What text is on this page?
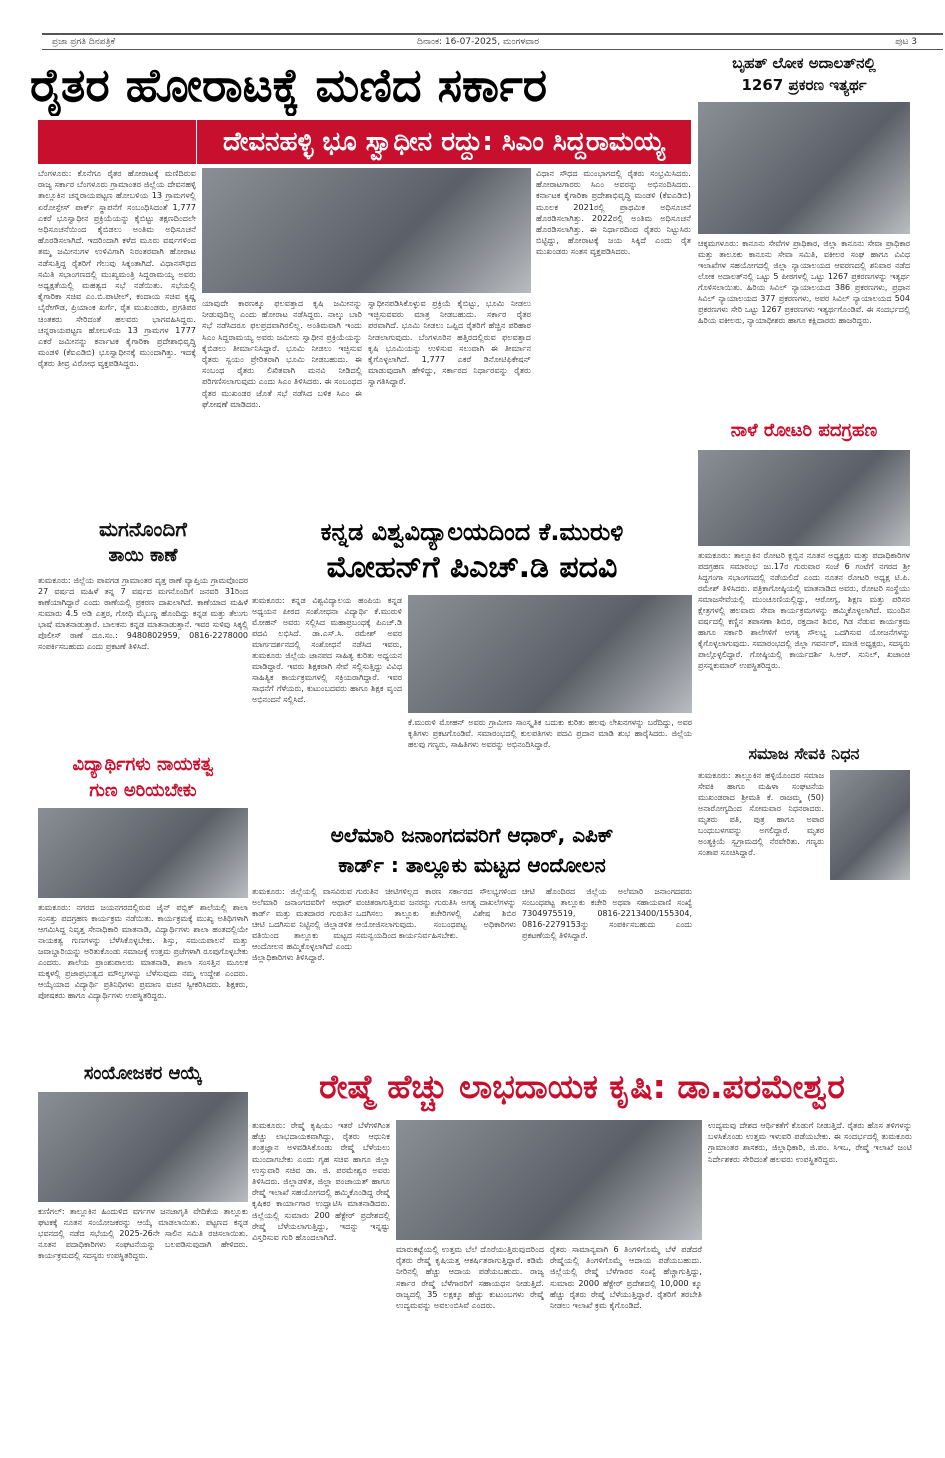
ಪ್ರಜಾ ಪ್ರಗತಿ ದಿನಪತ್ರಿಕೆ	ದಿನಾಂಕ: 16-07-2025, ಮಂಗಳವಾರ	ಪುಟ 3
ರೈತರ ಹೋರಾಟಕ್ಕೆ ಮಣಿದ ಸರ್ಕಾರ
ದೇವನಹಳ್ಳಿ ಭೂ ಸ್ವಾಧೀನ ರದ್ದು: ಸಿಎಂ ಸಿದ್ದರಾಮಯ್ಯ
ಬೆಂಗಳೂರು: ಕೊನೆಗೂ ರೈತರ ಹೋರಾಟಕ್ಕೆ ಮಣಿದಿರುವ ರಾಜ್ಯ ಸರ್ಕಾರ ಬೆಂಗಳೂರು ಗ್ರಾಮಾಂತರ ಜಿಲ್ಲೆಯ ದೇವನಹಳ್ಳಿ ತಾಲ್ಲೂಕಿನ ಚನ್ನರಾಯಪಟ್ಟಣ ಹೋಬಳಿಯ 13 ಗ್ರಾಮಗಳಲ್ಲಿ ಏರೋಸ್ಪೇಸ್ ಪಾರ್ಕ್ ಸ್ಥಾಪನೆಗೆ ಸಂಬಂಧಿಸಿದಂತೆ 1,777 ಎಕರೆ ಭೂಸ್ವಾಧೀನ ಪ್ರಕ್ರಿಯೆಯನ್ನು ಕೈಬಿಟ್ಟು ತಕ್ಷಣದಿಂದಲೇ ಅಧಿಸೂಚನೆಯಿಂದ ಕೈಬಿಡಲು ಅಂತಿಮ ಅಧಿಸೂಚನೆ ಹೊರಡಿಸಲಾಗಿದೆ. ಇದರಿಂದಾಗಿ ಕಳೆದ ಮೂರು ವರ್ಷಗಳಿಂದ ತಮ್ಮ ಜಮೀನುಗಳ ಉಳಿವಿಗಾಗಿ ನಿರಂತರವಾಗಿ ಹೋರಾಟ ನಡೆಸುತ್ತಿದ್ದ ರೈತರಿಗೆ ಗೆಲುವು ಸಿಕ್ಕಂತಾಗಿದೆ. ವಿಧಾನಸೌಧದ ಸಮಿತಿ ಸಭಾಂಗಣದಲ್ಲಿ ಮುಖ್ಯಮಂತ್ರಿ ಸಿದ್ದರಾಮಯ್ಯ ಅವರು ಅಧ್ಯಕ್ಷತೆಯಲ್ಲಿ ಮಹತ್ವದ ಸಭೆ ನಡೆಯಿತು. ಸಭೆಯಲ್ಲಿ ಕೈಗಾರಿಕಾ ಸಚಿವ ಎಂ.ಬಿ.ಪಾಟೀಲ್, ಕಂದಾಯ ಸಚಿವ ಕೃಷ್ಣ ಬೈರೇಗೌಡ, ಪ್ರಿಯಾಂಕ ಖರ್ಗೆ, ರೈತ ಮುಖಂಡರು, ಪ್ರಗತಿಪರ ಚಿಂತಕರು ಸೇರಿದಂತೆ ಹಲವರು ಭಾಗವಹಿಸಿದ್ದರು. ಚನ್ನರಾಯಪಟ್ಟಣ ಹೋಬಳಿಯ 13 ಗ್ರಾಮಗಳ 1777 ಎಕರೆ ಜಮೀನನ್ನು ಕರ್ನಾಟಕ ಕೈಗಾರಿಕಾ ಪ್ರದೇಶಾಭಿವೃದ್ಧಿ ಮಂಡಳಿ (ಕೆಐಎಡಿಬಿ) ಭೂಸ್ವಾಧೀನಕ್ಕೆ ಮುಂದಾಗಿತ್ತು. ಇದಕ್ಕೆ ರೈತರು ತೀವ್ರ ವಿರೋಧ ವ್ಯಕ್ತಪಡಿಸಿದ್ದರು.
ಯಾವುದೇ ಕಾರಣಕ್ಕೂ ಫಲವತ್ತಾದ ಕೃಷಿ ಜಮೀನನ್ನು ನೀಡುವುದಿಲ್ಲ ಎಂದು ಹೋರಾಟ ನಡೆಸಿದ್ದರು. ನಾಲ್ಕು ಬಾರಿ ಸಭೆ ನಡೆಸಿದರೂ ಫಲಪ್ರದವಾಗಿರಲಿಲ್ಲ. ಅಂತಿಮವಾಗಿ ಇಂದು ಸಿಎಂ ಸಿದ್ದರಾಮಯ್ಯ ಅವರು ಜಮೀನು ಸ್ವಾಧೀನ ಪ್ರಕ್ರಿಯೆಯನ್ನು ಕೈಬಿಡಲು ತೀರ್ಮಾನಿಸಿದ್ದಾರೆ. ಭೂಮಿ ನೀಡಲು ಇಚ್ಛಿಸುವ ರೈತರು ಸ್ವಯಂ ಪ್ರೇರಿತರಾಗಿ ಭೂಮಿ ನೀಡಬಹುದು. ಈ ಸಂಬಂಧ ರೈತರು ಲಿಖಿತವಾಗಿ ಮನವಿ ನೀಡಿದಲ್ಲಿ ಪರಿಗಣಿಸಲಾಗುವುದು ಎಂದು ಸಿಎಂ ತಿಳಿಸಿದರು. ಈ ಸಂಬಂಧದ ರೈತರ ಮುಖಂಡರ ಜೊತೆ ಸಭೆ ನಡೆಸಿದ ಬಳಿಕ ಸಿಎಂ ಈ ಘೋಷಣೆ ಮಾಡಿದರು.
ಸ್ವಾಧೀನಪಡಿಸಿಕೊಳ್ಳುವ ಪ್ರಕ್ರಿಯೆ ಕೈಬಿಟ್ಟು, ಭೂಮಿ ನೀಡಲು ಇಚ್ಛಿಸುವವರು ಮಾತ್ರ ನೀಡಬಹುದು. ಸರ್ಕಾರ ರೈತರ ಪರವಾಗಿದೆ. ಭೂಮಿ ನೀಡಲು ಒಪ್ಪಿದ ರೈತರಿಗೆ ಹೆಚ್ಚಿನ ಪರಿಹಾರ ನೀಡಲಾಗುವುದು. ಬೆಂಗಳೂರಿನ ಹತ್ತಿರದಲ್ಲಿರುವ ಫಲವತ್ತಾದ ಕೃಷಿ ಭೂಮಿಯನ್ನು ಉಳಿಸುವ ಸಲುವಾಗಿ ಈ ತೀರ್ಮಾನ ಕೈಗೊಳ್ಳಲಾಗಿದೆ. 1,777 ಎಕರೆ ಡಿನೋಟಿಫಿಕೇಷನ್ ಮಾಡುವುದಾಗಿ ಹೇಳಿದ್ದು, ಸರ್ಕಾರದ ನಿರ್ಧಾರವನ್ನು ರೈತರು ಸ್ವಾಗತಿಸಿದ್ದಾರೆ.
ವಿಧಾನ ಸೌಧದ ಮುಂಭಾಗದಲ್ಲಿ ರೈತರು ಸಂಭ್ರಮಿಸಿದರು. ಹೋರಾಟಗಾರರು ಸಿಎಂ ಅವರನ್ನು ಅಭಿನಂದಿಸಿದರು. ಕರ್ನಾಟಕ ಕೈಗಾರಿಕಾ ಪ್ರದೇಶಾಭಿವೃದ್ಧಿ ಮಂಡಳಿ (ಕೆಐಎಡಿಬಿ) ಮೂಲಕ 2021ರಲ್ಲಿ ಪ್ರಾಥಮಿಕ ಅಧಿಸೂಚನೆ ಹೊರಡಿಸಲಾಗಿತ್ತು. 2022ರಲ್ಲಿ ಅಂತಿಮ ಅಧಿಸೂಚನೆ ಹೊರಡಿಸಲಾಗಿತ್ತು. ಈ ನಿರ್ಧಾರದಿಂದ ರೈತರು ನಿಟ್ಟುಸಿರು ಬಿಟ್ಟಿದ್ದು, ಹೋರಾಟಕ್ಕೆ ಜಯ ಸಿಕ್ಕಿದೆ ಎಂದು ರೈತ ಮುಖಂಡರು ಸಂತಸ ವ್ಯಕ್ತಪಡಿಸಿದರು.
ಬೃಹತ್ ಲೋಕ ಅದಾಲತ್‌ನಲ್ಲಿ
1267 ಪ್ರಕರಣ ಇತ್ಯರ್ಥ
ಚಿಕ್ಕಮಗಳೂರು: ಕಾನೂನು ಸೇವೆಗಳ ಪ್ರಾಧಿಕಾರ, ಜಿಲ್ಲಾ ಕಾನೂನು ಸೇವಾ ಪ್ರಾಧಿಕಾರ ಮತ್ತು ತಾಲೂಕು ಕಾನೂನು ಸೇವಾ ಸಮಿತಿ, ವಕೀಲರ ಸಂಘ ಹಾಗೂ ವಿವಿಧ ಇಲಾಖೆಗಳ ಸಹಯೋಗದಲ್ಲಿ ಜಿಲ್ಲಾ ನ್ಯಾಯಾಲಯದ ಆವರಣದಲ್ಲಿ ಶನಿವಾರ ನಡೆದ ಲೋಕ ಅದಾಲತ್‌ನಲ್ಲಿ ಒಟ್ಟು 5 ಪೀಠಗಳಲ್ಲಿ ಒಟ್ಟು 1267 ಪ್ರಕರಣಗಳನ್ನು ಇತ್ಯರ್ಥ ಗೊಳಿಸಲಾಯಿತು. ಹಿರಿಯ ಸಿವಿಲ್ ನ್ಯಾಯಾಲಯದ 386 ಪ್ರಕರಣಗಳು, ಪ್ರಧಾನ ಸಿವಿಲ್ ನ್ಯಾಯಾಲಯದ 377 ಪ್ರಕರಣಗಳು, ಅಪರ ಸಿವಿಲ್ ನ್ಯಾಯಾಲಯದ 504 ಪ್ರಕರಣಗಳು ಸೇರಿ ಒಟ್ಟು 1267 ಪ್ರಕರಣಗಳು ಇತ್ಯರ್ಥಗೊಂಡಿವೆ. ಈ ಸಂದರ್ಭದಲ್ಲಿ ಹಿರಿಯ ವಕೀಲರು, ನ್ಯಾಯಾಧೀಶರು ಹಾಗೂ ಕಕ್ಷಿದಾರರು ಹಾಜರಿದ್ದರು.
ನಾಳೆ ರೋಟರಿ ಪದಗ್ರಹಣ
ತುಮಕೂರು: ತಾಲ್ಲೂಕಿನ ರೋಟರಿ ಕ್ಲಬ್ಬಿನ ನೂತನ ಅಧ್ಯಕ್ಷರು ಮತ್ತು ಪದಾಧಿಕಾರಿಗಳ ಪದಗ್ರಹಣ ಸಮಾರಂಭ ಜು.17ರ ಗುರುವಾರ ಸಂಜೆ 6 ಗಂಟೆಗೆ ನಗರದ ಶ್ರೀ ಸಿದ್ದಗಂಗಾ ಸಭಾಂಗಣದಲ್ಲಿ ನಡೆಯಲಿದೆ ಎಂದು ನೂತನ ರೋಟರಿ ಅಧ್ಯಕ್ಷ ಟಿ.ಪಿ. ರಮೇಶ್ ತಿಳಿಸಿದರು. ಪತ್ರಿಕಾಗೋಷ್ಠಿಯಲ್ಲಿ ಮಾತನಾಡಿದ ಅವರು, ರೋಟರಿ ಸಂಸ್ಥೆಯು ಸಮಾಜಸೇವೆಯಲ್ಲಿ ಮುಂಚೂಣಿಯಲ್ಲಿದ್ದು, ಆರೋಗ್ಯ, ಶಿಕ್ಷಣ ಮತ್ತು ಪರಿಸರ ಕ್ಷೇತ್ರಗಳಲ್ಲಿ ಹಲವಾರು ಸೇವಾ ಕಾರ್ಯಕ್ರಮಗಳನ್ನು ಹಮ್ಮಿಕೊಳ್ಳಲಾಗಿದೆ. ಮುಂದಿನ ವರ್ಷದಲ್ಲಿ ಕಣ್ಣಿನ ತಪಾಸಣಾ ಶಿಬಿರ, ರಕ್ತದಾನ ಶಿಬಿರ, ಗಿಡ ನೆಡುವ ಕಾರ್ಯಕ್ರಮ ಹಾಗೂ ಸರ್ಕಾರಿ ಶಾಲೆಗಳಿಗೆ ಅಗತ್ಯ ಸೌಲಭ್ಯ ಒದಗಿಸುವ ಯೋಜನೆಗಳನ್ನು ಕೈಗೊಳ್ಳಲಾಗುವುದು. ಸಮಾರಂಭದಲ್ಲಿ ಜಿಲ್ಲಾ ಗವರ್ನರ್, ಮಾಜಿ ಅಧ್ಯಕ್ಷರು, ಸದಸ್ಯರು ಪಾಲ್ಗೊಳ್ಳಲಿದ್ದಾರೆ. ಗೋಷ್ಠಿಯಲ್ಲಿ ಕಾರ್ಯದರ್ಶಿ ಸಿ.ಆರ್. ಸುನಿಲ್, ಖಜಾಂಚಿ ಪ್ರಸನ್ನಕುಮಾರ್ ಉಪಸ್ಥಿತರಿದ್ದರು.
ಮಗನೊಂದಿಗೆ
ತಾಯಿ ಕಾಣೆ
ತುಮಕೂರು: ಜಿಲ್ಲೆಯ ಪಾವಗಡ ಗ್ರಾಮಾಂತರ ವೃತ್ತ ಠಾಣೆ ವ್ಯಾಪ್ತಿಯ ಗ್ರಾಮವೊಂದರ 27 ವರ್ಷದ ಮಹಿಳೆ ತನ್ನ 7 ವರ್ಷದ ಮಗನೊಂದಿಗೆ ಜನವರಿ 31ರಿಂದ ಕಾಣೆಯಾಗಿದ್ದಾರೆ ಎಂದು ಠಾಣೆಯಲ್ಲಿ ಪ್ರಕರಣ ದಾಖಲಾಗಿದೆ. ಕಾಣೆಯಾದ ಮಹಿಳೆ ಸುಮಾರು 4.5 ಅಡಿ ಎತ್ತರ, ಗೋಧಿ ಮೈಬಣ್ಣ ಹೊಂದಿದ್ದು ಕನ್ನಡ ಮತ್ತು ತೆಲುಗು ಭಾಷೆ ಮಾತನಾಡುತ್ತಾರೆ. ಬಾಲಕನು ಕನ್ನಡ ಮಾತನಾಡುತ್ತಾನೆ. ಇವರ ಸುಳಿವು ಸಿಕ್ಕಲ್ಲಿ ಪೊಲೀಸ್ ಠಾಣೆ ದೂ.ಸಂ.: 9480802959, 0816-2278000 ಸಂಪರ್ಕಿಸಬಹುದು ಎಂದು ಪ್ರಕಟಣೆ ತಿಳಿಸಿದೆ.
ಕನ್ನಡ ವಿಶ್ವವಿದ್ಯಾಲಯದಿಂದ ಕೆ.ಮುರುಳಿ
ಮೋಹನ್‌ಗೆ ಪಿಎಚ್.ಡಿ ಪದವಿ
ತುಮಕೂರು: ಕನ್ನಡ ವಿಶ್ವವಿದ್ಯಾಲಯ ಹಂಪಿಯ ಕನ್ನಡ ಅಧ್ಯಯನ ಪೀಠದ ಸಂಶೋಧನಾ ವಿದ್ಯಾರ್ಥಿ ಕೆ.ಮುರುಳಿ ಮೋಹನ್ ಅವರು ಸಲ್ಲಿಸಿದ ಮಹಾಪ್ರಬಂಧಕ್ಕೆ ಪಿಎಚ್.ಡಿ ಪದವಿ ಲಭಿಸಿದೆ. ಡಾ.ಎಸ್.ಸಿ. ರಮೇಶ್ ಅವರ ಮಾರ್ಗದರ್ಶನದಲ್ಲಿ ಸಂಶೋಧನೆ ನಡೆಸಿದ ಇವರು, ತುಮಕೂರು ಜಿಲ್ಲೆಯ ಜಾನಪದ ಸಾಹಿತ್ಯ ಕುರಿತು ಅಧ್ಯಯನ ಮಾಡಿದ್ದಾರೆ. ಇವರು ಶಿಕ್ಷಕರಾಗಿ ಸೇವೆ ಸಲ್ಲಿಸುತ್ತಿದ್ದು ವಿವಿಧ ಸಾಹಿತ್ಯಿಕ ಕಾರ್ಯಕ್ರಮಗಳಲ್ಲಿ ಸಕ್ರಿಯರಾಗಿದ್ದಾರೆ. ಇವರ ಸಾಧನೆಗೆ ಗೆಳೆಯರು, ಕುಟುಂಬದವರು ಹಾಗೂ ಶಿಕ್ಷಕ ವೃಂದ ಅಭಿನಂದನೆ ಸಲ್ಲಿಸಿದೆ.
ಕೆ.ಮುರುಳಿ ಮೋಹನ್ ಅವರು ಗ್ರಾಮೀಣ ಸಾಂಸ್ಕೃತಿಕ ಬದುಕು ಕುರಿತು ಹಲವು ಲೇಖನಗಳನ್ನು ಬರೆದಿದ್ದು, ಅವರ ಕೃತಿಗಳು ಪ್ರಕಟಗೊಂಡಿವೆ. ಸಮಾರಂಭದಲ್ಲಿ ಕುಲಪತಿಗಳು ಪದವಿ ಪ್ರದಾನ ಮಾಡಿ ಶುಭ ಹಾರೈಸಿದರು. ಜಿಲ್ಲೆಯ ಹಲವು ಗಣ್ಯರು, ಸಾಹಿತಿಗಳು ಅವರನ್ನು ಅಭಿನಂದಿಸಿದ್ದಾರೆ.
ವಿದ್ಯಾರ್ಥಿಗಳು ನಾಯಕತ್ವ
ಗುಣ ಅರಿಯಬೇಕು
ತುಮಕೂರು: ನಗರದ ಜಯನಗರದಲ್ಲಿರುವ ಜೈನ್ ಪಬ್ಲಿಕ್ ಶಾಲೆಯಲ್ಲಿ ಶಾಲಾ ಸಂಸತ್ತು ಪದಗ್ರಹಣ ಕಾರ್ಯಕ್ರಮ ನಡೆಯಿತು. ಕಾರ್ಯಕ್ರಮಕ್ಕೆ ಮುಖ್ಯ ಅತಿಥಿಗಳಾಗಿ ಆಗಮಿಸಿದ್ದ ನಿವೃತ್ತ ಸೇನಾಧಿಕಾರಿ ಮಾತನಾಡಿ, ವಿದ್ಯಾರ್ಥಿಗಳು ಶಾಲಾ ಹಂತದಲ್ಲಿಯೇ ನಾಯಕತ್ವ ಗುಣಗಳನ್ನು ಬೆಳೆಸಿಕೊಳ್ಳಬೇಕು. ಶಿಸ್ತು, ಸಮಯಪಾಲನೆ ಮತ್ತು ಜವಾಬ್ದಾರಿಯನ್ನು ಅರಿತುಕೊಂಡು ಸಮಾಜಕ್ಕೆ ಉತ್ತಮ ಪ್ರಜೆಗಳಾಗಿ ರೂಪುಗೊಳ್ಳಬೇಕು ಎಂದರು. ಶಾಲೆಯ ಪ್ರಾಂಶುಪಾಲರು ಮಾತನಾಡಿ, ಶಾಲಾ ಸಂಸತ್ತಿನ ಮೂಲಕ ಮಕ್ಕಳಲ್ಲಿ ಪ್ರಜಾಪ್ರಭುತ್ವದ ಮೌಲ್ಯಗಳನ್ನು ಬೆಳೆಸುವುದು ನಮ್ಮ ಉದ್ದೇಶ ಎಂದರು. ಆಯ್ಕೆಯಾದ ವಿದ್ಯಾರ್ಥಿ ಪ್ರತಿನಿಧಿಗಳು ಪ್ರಮಾಣ ವಚನ ಸ್ವೀಕರಿಸಿದರು. ಶಿಕ್ಷಕರು, ಪೋಷಕರು ಹಾಗೂ ವಿದ್ಯಾರ್ಥಿಗಳು ಉಪಸ್ಥಿತರಿದ್ದರು.
ಅಲೆಮಾರಿ ಜನಾಂಗದವರಿಗೆ ಆಧಾರ್, ಎಪಿಕ್
ಕಾರ್ಡ್ : ತಾಲ್ಲೂಕು ಮಟ್ಟದ ಆಂದೋಲನ
ತುಮಕೂರು: ಜಿಲ್ಲೆಯಲ್ಲಿ ವಾಸವಿರುವ ಅಲೆಮಾರಿ ಜನಾಂಗದವರಿಗೆ ಆಧಾರ್ ಕಾರ್ಡ್ ಮತ್ತು ಮತದಾರರ ಗುರುತಿನ ಚೀಟಿ ಒದಗಿಸುವ ನಿಟ್ಟಿನಲ್ಲಿ ಜಿಲ್ಲಾಡಳಿತ ವತಿಯಿಂದ ತಾಲ್ಲೂಕು ಮಟ್ಟದ ಆಂದೋಲನ ಹಮ್ಮಿಕೊಳ್ಳಲಾಗಿದೆ ಎಂದು ಜಿಲ್ಲಾಧಿಕಾರಿಗಳು ತಿಳಿಸಿದ್ದಾರೆ.
ಗುರುತಿನ ಚೀಟಿಗಳಿಲ್ಲದ ಕಾರಣ ಸರ್ಕಾರದ ಸೌಲಭ್ಯಗಳಿಂದ ವಂಚಿತರಾಗುತ್ತಿರುವ ಜನರನ್ನು ಗುರುತಿಸಿ ಅಗತ್ಯ ದಾಖಲೆಗಳನ್ನು ಒದಗಿಸಲು ತಾಲ್ಲೂಕು ಕಚೇರಿಗಳಲ್ಲಿ ವಿಶೇಷ ಶಿಬಿರ ಆಯೋಜಿಸಲಾಗುವುದು. ಸಂಬಂಧಪಟ್ಟ ಅಧಿಕಾರಿಗಳು ಸಮನ್ವಯದಿಂದ ಕಾರ್ಯನಿರ್ವಹಿಸಬೇಕು.
ಚೀಟಿ ಹೊಂದಿರದ ಜಿಲ್ಲೆಯ ಅಲೆಮಾರಿ ಜನಾಂಗದವರು ಸಂಬಂಧಪಟ್ಟ ತಾಲ್ಲೂಕು ಕಚೇರಿ ಅಥವಾ ಸಹಾಯವಾಣಿ ಸಂಖ್ಯೆ 7304975519, 0816-2213400/155304, 0816-2279153ನ್ನು ಸಂಪರ್ಕಿಸಬಹುದು ಎಂದು ಪ್ರಕಟಣೆಯಲ್ಲಿ ತಿಳಿಸಿದ್ದಾರೆ.
ಸಮಾಜ ಸೇವಕಿ ನಿಧನ
ತುಮಕೂರು: ತಾಲ್ಲೂಕಿನ ಹಳ್ಳಿಯೊಂದರ ಸಮಾಜ ಸೇವಕಿ ಹಾಗೂ ಮಹಿಳಾ ಸಂಘಟನೆಯ ಮುಖಂಡರಾದ ಶ್ರೀಮತಿ ಕೆ. ರಾಜಮ್ಮ (50) ಅನಾರೋಗ್ಯದಿಂದ ಸೋಮವಾರ ನಿಧನರಾದರು. ಮೃತರು ಪತಿ, ಪುತ್ರ ಹಾಗೂ ಅಪಾರ ಬಂಧುಬಳಗವನ್ನು ಅಗಲಿದ್ದಾರೆ. ಮೃತರ ಅಂತ್ಯಕ್ರಿಯೆ ಸ್ವಗ್ರಾಮದಲ್ಲಿ ನೆರವೇರಿತು. ಗಣ್ಯರು ಸಂತಾಪ ಸೂಚಿಸಿದ್ದಾರೆ.
ರೇಷ್ಮೆ ಹೆಚ್ಚು ಲಾಭದಾಯಕ ಕೃಷಿ: ಡಾ.ಪರಮೇಶ್ವರ
ಸಂಯೋಜಕರ ಆಯ್ಕೆ
ಕುಣಿಗಲ್: ತಾಲ್ಲೂಕಿನ ಹಿಂದುಳಿದ ವರ್ಗಗಳ ಜನಜಾಗೃತಿ ವೇದಿಕೆಯ ತಾಲ್ಲೂಕು ಘಟಕಕ್ಕೆ ನೂತನ ಸಂಯೋಜಕರನ್ನು ಆಯ್ಕೆ ಮಾಡಲಾಯಿತು. ಪಟ್ಟಣದ ಕನ್ನಡ ಭವನದಲ್ಲಿ ನಡೆದ ಸಭೆಯಲ್ಲಿ 2025-26ನೇ ಸಾಲಿನ ಸಮಿತಿ ರಚಿಸಲಾಯಿತು. ನೂತನ ಪದಾಧಿಕಾರಿಗಳು ಸಂಘಟನೆಯನ್ನು ಬಲಪಡಿಸುವುದಾಗಿ ಹೇಳಿದರು. ಕಾರ್ಯಕ್ರಮದಲ್ಲಿ ಸದಸ್ಯರು ಉಪಸ್ಥಿತರಿದ್ದರು.
ತುಮಕೂರು: ರೇಷ್ಮೆ ಕೃಷಿಯು ಇತರೆ ಬೆಳೆಗಳಿಗಿಂತ ಹೆಚ್ಚು ಲಾಭದಾಯಕವಾಗಿದ್ದು, ರೈತರು ಆಧುನಿಕ ತಂತ್ರಜ್ಞಾನ ಅಳವಡಿಸಿಕೊಂಡು ರೇಷ್ಮೆ ಬೆಳೆಯಲು ಮುಂದಾಗಬೇಕು ಎಂದು ಗೃಹ ಸಚಿವ ಹಾಗೂ ಜಿಲ್ಲಾ ಉಸ್ತುವಾರಿ ಸಚಿವ ಡಾ. ಜಿ. ಪರಮೇಶ್ವರ ಅವರು ತಿಳಿಸಿದರು. ಜಿಲ್ಲಾಡಳಿತ, ಜಿಲ್ಲಾ ಪಂಚಾಯತ್ ಹಾಗೂ ರೇಷ್ಮೆ ಇಲಾಖೆ ಸಹಯೋಗದಲ್ಲಿ ಹಮ್ಮಿಕೊಂಡಿದ್ದ ರೇಷ್ಮೆ ಕೃಷಿಕರ ಕಾರ್ಯಾಗಾರ ಉದ್ಘಾಟಿಸಿ ಮಾತನಾಡಿದರು. ಜಿಲ್ಲೆಯಲ್ಲಿ ಸುಮಾರು 200 ಹೆಕ್ಟೇರ್ ಪ್ರದೇಶದಲ್ಲಿ ರೇಷ್ಮೆ ಬೆಳೆಯಲಾಗುತ್ತಿದ್ದು, ಇದನ್ನು ಇನ್ನಷ್ಟು ವಿಸ್ತರಿಸುವ ಗುರಿ ಹೊಂದಲಾಗಿದೆ.
ಮಾರುಕಟ್ಟೆಯಲ್ಲಿ ಉತ್ತಮ ಬೆಲೆ ದೊರೆಯುತ್ತಿರುವುದರಿಂದ ರೈತರು ರೇಷ್ಮೆ ಕೃಷಿಯತ್ತ ಆಕರ್ಷಿತರಾಗುತ್ತಿದ್ದಾರೆ. ಕಡಿಮೆ ನೀರಿನಲ್ಲಿ ಹೆಚ್ಚು ಆದಾಯ ಪಡೆಯಬಹುದು. ರಾಜ್ಯ ಸರ್ಕಾರ ರೇಷ್ಮೆ ಬೆಳೆಗಾರರಿಗೆ ಸಹಾಯಧನ ನೀಡುತ್ತಿದೆ. ರಾಜ್ಯದಲ್ಲಿ 35 ಲಕ್ಷಕ್ಕೂ ಹೆಚ್ಚು ಕುಟುಂಬಗಳು ರೇಷ್ಮೆ ಉದ್ಯಮವನ್ನು ಅವಲಂಬಿಸಿವೆ ಎಂದರು.
ರೈತರು ಸಾಮಾನ್ಯವಾಗಿ 6 ತಿಂಗಳಿಗೊಮ್ಮೆ ಬೆಳೆ ಪಡೆದರೆ ರೇಷ್ಮೆಯಲ್ಲಿ ತಿಂಗಳಿಗೊಮ್ಮೆ ಆದಾಯ ಪಡೆಯಬಹುದು. ಜಿಲ್ಲೆಯಲ್ಲಿ ರೇಷ್ಮೆ ಬೆಳೆಗಾರರ ಸಂಖ್ಯೆ ಹೆಚ್ಚಾಗುತ್ತಿದ್ದು, ಸುಮಾರು 2000 ಹೆಕ್ಟೇರ್ ಪ್ರದೇಶದಲ್ಲಿ 10,000 ಕ್ಕೂ ಹೆಚ್ಚು ರೈತರು ರೇಷ್ಮೆ ಬೆಳೆಯುತ್ತಿದ್ದಾರೆ. ರೈತರಿಗೆ ತರಬೇತಿ ನೀಡಲು ಇಲಾಖೆ ಕ್ರಮ ಕೈಗೊಂಡಿದೆ.
ಉದ್ಯಮವು ದೇಶದ ಆರ್ಥಿಕತೆಗೆ ಕೊಡುಗೆ ನೀಡುತ್ತಿದೆ. ರೈತರು ಹೊಸ ತಳಿಗಳನ್ನು ಬಳಸಿಕೊಂಡು ಉತ್ತಮ ಇಳುವರಿ ಪಡೆಯಬೇಕು. ಈ ಸಂದರ್ಭದಲ್ಲಿ ತುಮಕೂರು ಗ್ರಾಮಾಂತರ ಶಾಸಕರು, ಜಿಲ್ಲಾಧಿಕಾರಿ, ಜಿ.ಪಂ. ಸಿಇಒ, ರೇಷ್ಮೆ ಇಲಾಖೆ ಜಂಟಿ ನಿರ್ದೇಶಕರು ಸೇರಿದಂತೆ ಹಲವರು ಉಪಸ್ಥಿತರಿದ್ದರು.
